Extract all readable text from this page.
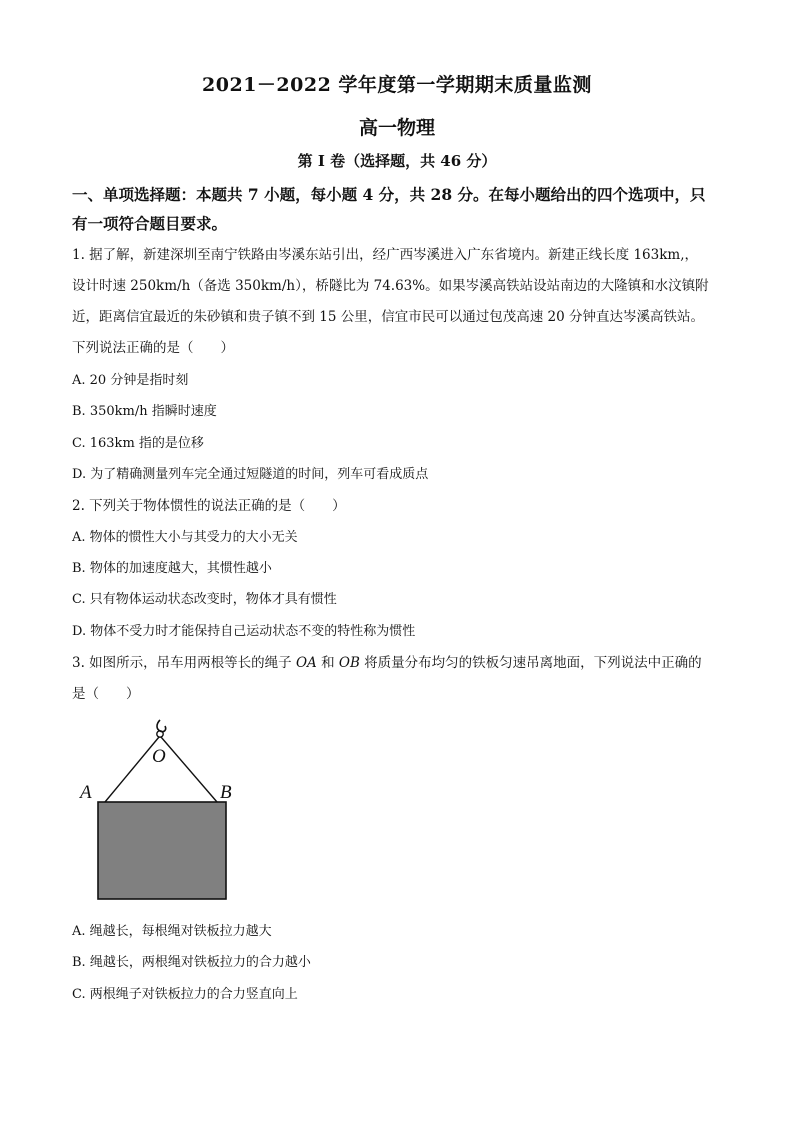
2021－2022 学年度第一学期期末质量监测
高一物理
第 I 卷（选择题，共 46 分）
一、单项选择题：本题共 7 小题，每小题 4 分，共 28 分。在每小题给出的四个选项中，只
有一项符合题目要求。
1. 据了解，新建深圳至南宁铁路由岑溪东站引出，经广西岑溪进入广东省境内。新建正线长度 163km,，
设计时速 250km/h（备选 350km/h），桥隧比为 74.63%。如果岑溪高铁站设站南边的大隆镇和水汶镇附
近，距离信宜最近的朱砂镇和贵子镇不到 15 公里，信宜市民可以通过包茂高速 20 分钟直达岑溪高铁站。
下列说法正确的是（　　）
A. 20 分钟是指时刻
B. 350km/h 指瞬时速度
C. 163km 指的是位移
D. 为了精确测量列车完全通过短隧道的时间，列车可看成质点
2. 下列关于物体惯性的说法正确的是（　　）
A. 物体的惯性大小与其受力的大小无关
B. 物体的加速度越大，其惯性越小
C. 只有物体运动状态改变时，物体才具有惯性
D. 物体不受力时才能保持自己运动状态不变的特性称为惯性
3. 如图所示，吊车用两根等长的绳子 OA 和 OB 将质量分布均匀的铁板匀速吊离地面，下列说法中正确的
是（　　）
O
A	B
A. 绳越长，每根绳对铁板拉力越大
B. 绳越长，两根绳对铁板拉力的合力越小
C. 两根绳子对铁板拉力的合力竖直向上
